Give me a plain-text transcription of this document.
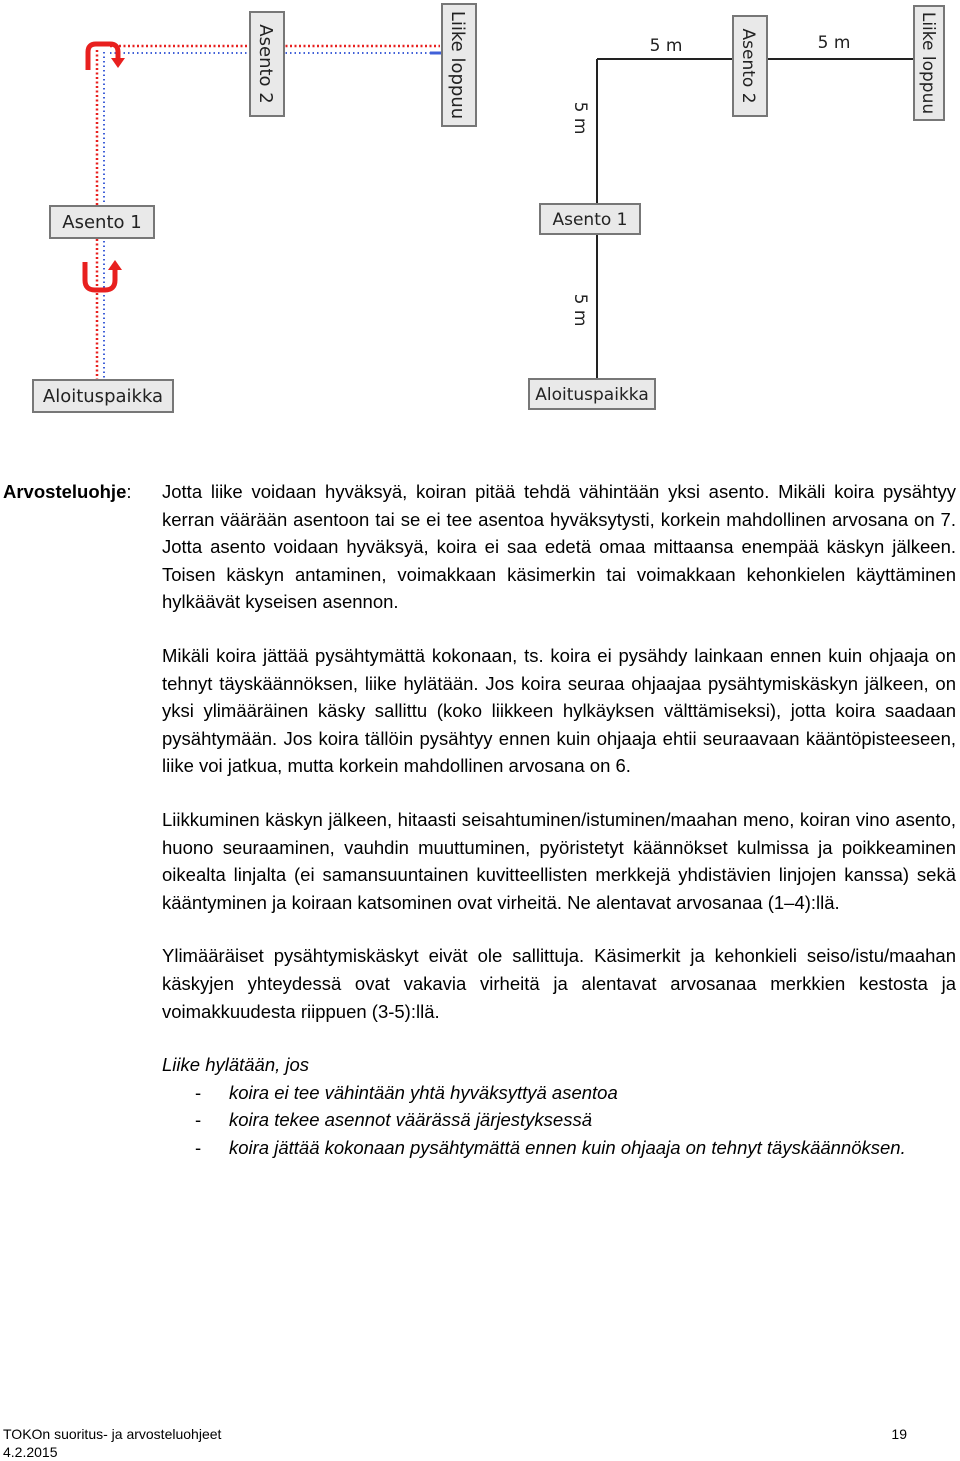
Aloituspaikka
Asento 1
Asento 2	Liike loppuu	5 m
5 m
5 m	5 m
Aloituspaikka
Asento 1
Asento 2	Liike loppuu
Arvosteluohje: Jotta liike voidaan hyväksyä, koiran pitää tehdä vähintään yksi asento. Mikäli koira pysähtyy kerran väärään asentoon tai se ei tee asentoa hyväksytysti, korkein mahdollinen arvosana on 7. Jotta asento voidaan hyväksyä, koira ei saa edetä omaa mittaansa enempää käskyn jälkeen. Toisen käskyn antaminen, voimakkaan käsimerkin tai voimakkaan kehonkielen käyttäminen hylkäävät kyseisen asennon.

Mikäli koira jättää pysähtymättä kokonaan, ts. koira ei pysähdy lainkaan ennen kuin ohjaaja on tehnyt täyskäännöksen, liike hylätään. Jos koira seuraa ohjaajaa pysähtymiskäskyn jälkeen, on yksi ylimääräinen käsky sallittu (koko liikkeen hylkäyksen välttämiseksi), jotta koira saadaan pysähtymään. Jos koira tällöin pysähtyy ennen kuin ohjaaja ehtii seuraavaan kääntöpisteeseen, liike voi jatkua, mutta korkein mahdollinen arvosana on 6.

Liikkuminen käskyn jälkeen, hitaasti seisahtuminen/istuminen/maahan meno, koiran vino asento, huono seuraaminen, vauhdin muuttuminen, pyöristetyt käännökset kulmissa ja poikkeaminen oikealta linjalta (ei samansuuntainen kuvitteellisten merkkejä yhdistävien linjojen kanssa) sekä kääntyminen ja koiraan katsominen ovat virheitä. Ne alentavat arvosanaa (1–4):llä.

Ylimääräiset pysähtymiskäskyt eivät ole sallittuja. Käsimerkit ja kehonkieli seiso/istu/maahan käskyjen yhteydessä ovat vakavia virheitä ja alentavat arvosanaa merkkien kestosta ja voimakkuudesta riippuen (3-5):llä.

Liike hylätään, jos

- koira ei tee vähintään yhtä hyväksyttyä asentoa
- koira tekee asennot väärässä järjestyksessä
- koira jättää kokonaan pysähtymättä ennen kuin ohjaaja on tehnyt täyskäännöksen.
TOKOn suoritus- ja arvosteluohjeet
4.2.2015
19
